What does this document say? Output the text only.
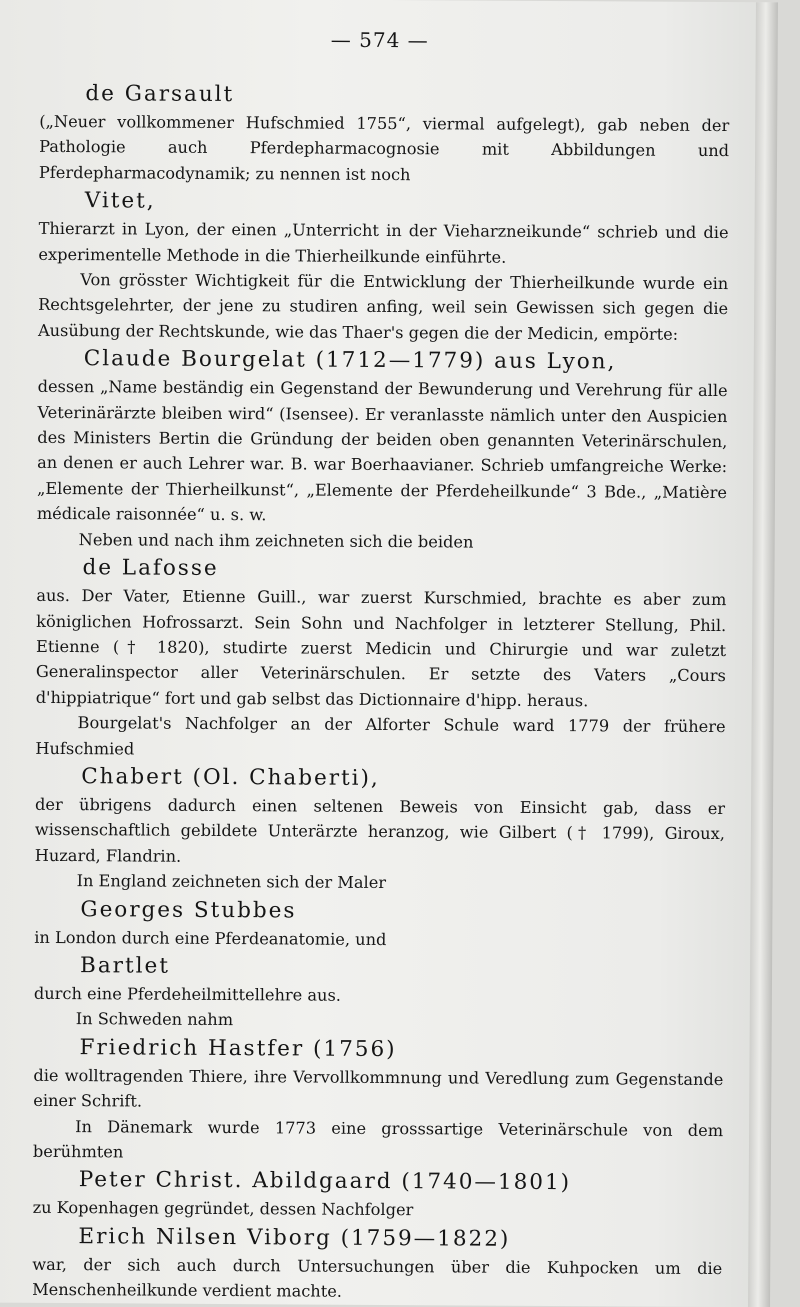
— 574 —
de Garsault

(„Neuer vollkommener Hufschmied 1755“, viermal aufgelegt), gab neben der Pathologie auch Pferdepharmacognosie mit Abbildungen und Pferdepharmacodynamik; zu nennen ist noch

Vitet,

Thierarzt in Lyon, der einen „Unterricht in der Vieharzneikunde“ schrieb und die experimentelle Methode in die Thierheilkunde einführte.

Von grösster Wichtigkeit für die Entwicklung der Thierheilkunde wurde ein Rechtsgelehrter, der jene zu studiren anfing, weil sein Gewissen sich gegen die Ausübung der Rechtskunde, wie das Thaer's gegen die der Medicin, empörte:

Claude Bourgelat (1712—1779) aus Lyon,

dessen „Name beständig ein Gegenstand der Bewunderung und Verehrung für alle Veterinärärzte bleiben wird“ (Isensee). Er veranlasste nämlich unter den Auspicien des Ministers Bertin die Gründung der beiden oben genannten Veterinärschulen, an denen er auch Lehrer war. B. war Boerhaavianer. Schrieb umfangreiche Werke: „Elemente der Thierheilkunst“, „Elemente der Pferdeheilkunde“ 3 Bde., „Matière médicale raisonnée“ u. s. w.

Neben und nach ihm zeichneten sich die beiden

de Lafosse

aus. Der Vater, Etienne Guill., war zuerst Kurschmied, brachte es aber zum königlichen Hofrossarzt. Sein Sohn und Nachfolger in letzterer Stellung, Phil. Etienne († 1820), studirte zuerst Medicin und Chirurgie und war zuletzt Generalinspector aller Veterinärschulen. Er setzte des Vaters „Cours d'hippiatrique“ fort und gab selbst das Dictionnaire d'hipp. heraus.

Bourgelat's Nachfolger an der Alforter Schule ward 1779 der frühere Hufschmied

Chabert (Ol. Chaberti),

der übrigens dadurch einen seltenen Beweis von Einsicht gab, dass er wissenschaftlich gebildete Unterärzte heranzog, wie Gilbert († 1799), Giroux, Huzard, Flandrin.

In England zeichneten sich der Maler

Georges Stubbes

in London durch eine Pferdeanatomie, und

Bartlet

durch eine Pferdeheilmittellehre aus.

In Schweden nahm

Friedrich Hastfer (1756)

die wolltragenden Thiere, ihre Vervollkommnung und Veredlung zum Gegenstande einer Schrift.

In Dänemark wurde 1773 eine grosssartige Veterinärschule von dem berühmten

Peter Christ. Abildgaard (1740—1801)

zu Kopenhagen gegründet, dessen Nachfolger

Erich Nilsen Viborg (1759—1822)

war, der sich auch durch Untersuchungen über die Kuhpocken um die Menschenheilkunde verdient machte.
